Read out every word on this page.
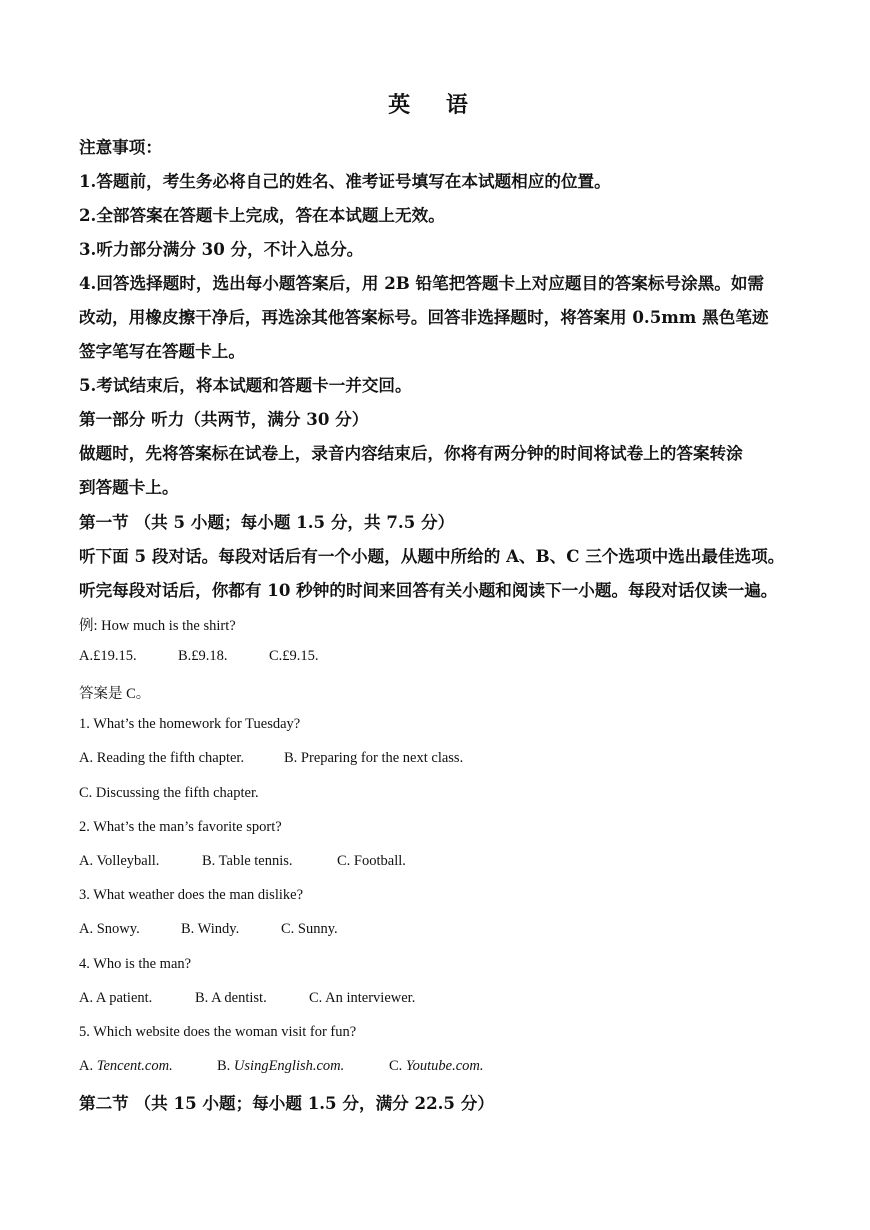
英 语
注意事项：
1.答题前，考生务必将自己的姓名、准考证号填写在本试题相应的位置。
2.全部答案在答题卡上完成，答在本试题上无效。
3.听力部分满分 30 分，不计入总分。
4.回答选择题时，选出每小题答案后，用 2B 铅笔把答题卡上对应题目的答案标号涂黑。如需
改动，用橡皮擦干净后，再选涂其他答案标号。回答非选择题时，将答案用 0.5mm 黑色笔迹
签字笔写在答题卡上。
5.考试结束后，将本试题和答题卡一并交回。
第一部分 听力（共两节，满分 30 分）
做题时，先将答案标在试卷上，录音内容结束后，你将有两分钟的时间将试卷上的答案转涂
到答题卡上。
第一节 （共 5 小题；每小题 1.5 分，共 7.5 分）
听下面 5 段对话。每段对话后有一个小题，从题中所给的 A、B、C 三个选项中选出最佳选项。
听完每段对话后，你都有 10 秒钟的时间来回答有关小题和阅读下一小题。每段对话仅读一遍。
例: How much is the shirt?
A.£19.15.	B.£9.18.	C.£9.15.
答案是 C。
1. What’s the homework for Tuesday?
A. Reading the fifth chapter.	B. Preparing for the next class.
C. Discussing the fifth chapter.
2. What’s the man’s favorite sport?
A. Volleyball.	B. Table tennis.	C. Football.
3. What weather does the man dislike?
A. Snowy.	B. Windy.	C. Sunny.
4. Who is the man?
A. A patient.	B. A dentist.	C. An interviewer.
5. Which website does the woman visit for fun?
A. Tencent.com.	B. UsingEnglish.com.	C. Youtube.com.
第二节 （共 15 小题；每小题 1.5 分，满分 22.5 分）
